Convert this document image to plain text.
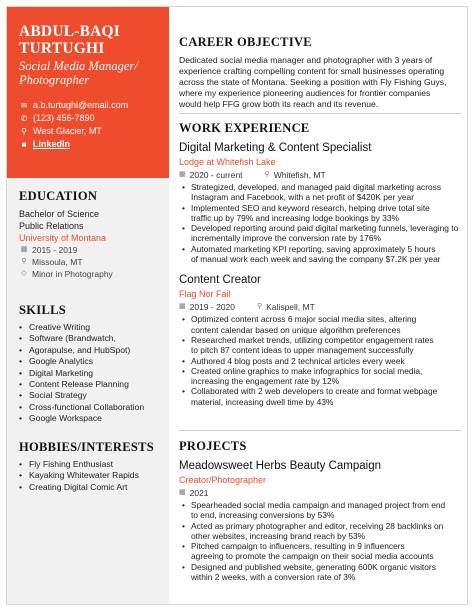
ABDUL-BAQI
TURTUGHI
Social Media Manager/
Photographer
✉ a.b.turtughi@email.com
✆ (123) 456-7890
⚲ West Glacier, MT
■ LinkedIn
EDUCATION
Bachelor of Science
Public Relations
University of Montana
▦ 2015 - 2019
⚲ Missoula, MT
◇ Minor in Photography
SKILLS
• Creative Writing
• Software (Brandwatch,
• Agorapulse, and HubSpot)
• Google Analytics
• Digital Marketing
• Content Release Planning
• Social Strategy
• Cross-functional Collaboration
• Google Workspace
HOBBIES/INTERESTS
• Fly Fishing Enthusiast
• Kayaking Whitewater Rapids
• Creating Digital Comic Art
CAREER OBJECTIVE
Dedicated social media manager and photographer with 3 years of
experience crafting compelling content for small businesses operating
across the state of Montana. Seeking a position with Fly Fishing Guys,
where my experience pioneering audiences for frontier companies
would help FFG grow both its reach and its revenue.
WORK EXPERIENCE
Digital Marketing & Content Specialist
Lodge at Whitefish Lake
▦ 2020 - current	⚲ Whitefish, MT
• Strategized, developed, and managed paid digital marketing across
Instagram and Facebook, with a net profit of $420K per year
• Implemented SEO and keyword research, helping drive total site
traffic up by 79% and increasing lodge bookings by 33%
• Developed reporting around paid digital marketing funnels, leveraging to
incrementally improve the conversion rate by 176%
• Automated marketing KPI reporting, saving approximately 5 hours
of manual work each week and saving the company $7.2K per year
Content Creator
Flag Nor Fail
▦ 2019 - 2020	⚲ Kalispell, MT
• Optimized content across 6 major social media sites, altering
content calendar based on unique algorithm preferences
• Researched market trends, utilizing competitor engagement rates
to pitch 87 content ideas to upper management successfully
• Authored 4 blog posts and 2 technical articles every week
• Created online graphics to make infographics for social media,
increasing the engagement rate by 12%
• Collaborated with 2 web developers to create and format webpage
material, increasing dwell time by 43%
PROJECTS
Meadowsweet Herbs Beauty Campaign
Creator/Photographer
▦ 2021
• Spearheaded social media campaign and managed project from end
to end, increasing conversions by 53%
• Acted as primary photographer and editor, receiving 28 backlinks on
other websites, increasing brand reach by 53%
• Pitched campaign to influencers, resulting in 9 influencers
agreeing to promote the campaign on their social media accounts
• Designed and published website, generating 600K organic visitors
within 2 weeks, with a conversion rate of 3%
